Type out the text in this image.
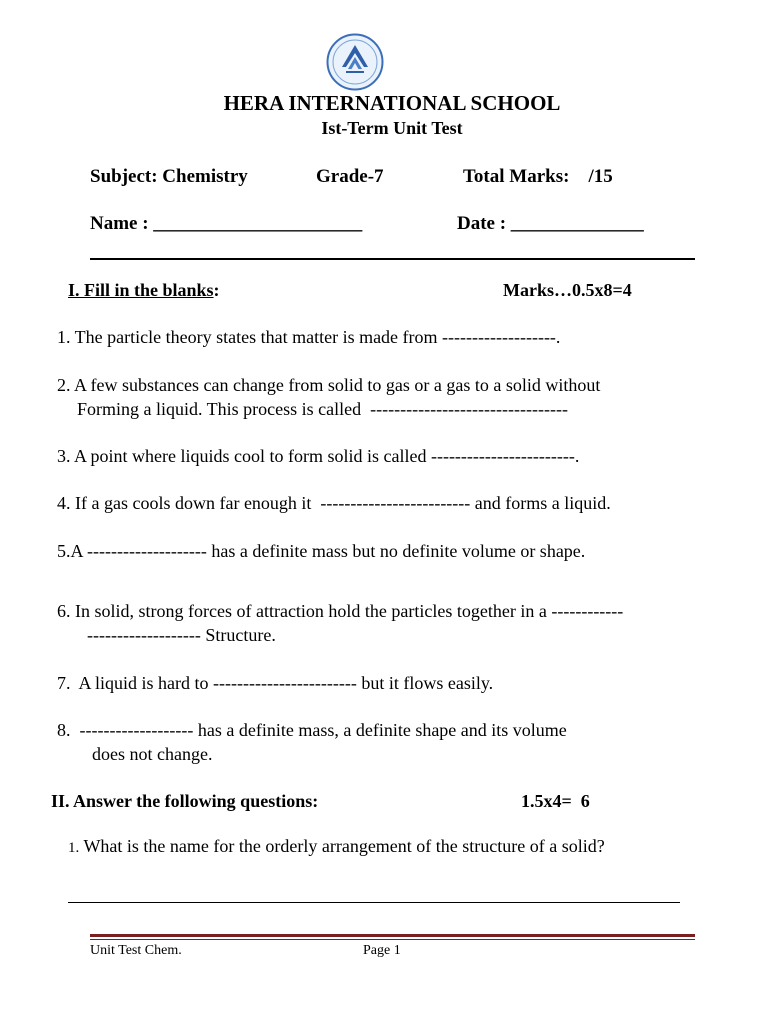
HERA INTERNATIONAL SCHOOL
Ist-Term Unit Test
Subject: Chemistry	Grade-7	Total Marks:    /15
Name : ______________________	Date : ______________
I. Fill in the blanks:	Marks…0.5x8=4
1. The particle theory states that matter is made from -------------------.
2. A few substances can change from solid to gas or a gas to a solid without
Forming a liquid. This process is called  ---------------------------------
3. A point where liquids cool to form solid is called ------------------------.
4. If a gas cools down far enough it  ------------------------- and forms a liquid.
5.A -------------------- has a definite mass but no definite volume or shape.
6. In solid, strong forces of attraction hold the particles together in a ------------
------------------- Structure.
7.  A liquid is hard to ------------------------ but it flows easily.
8.  ------------------- has a definite mass, a definite shape and its volume
does not change.
II. Answer the following questions:	1.5x4=  6
1. What is the name for the orderly arrangement of the structure of a solid?
Unit Test Chem.	Page 1
